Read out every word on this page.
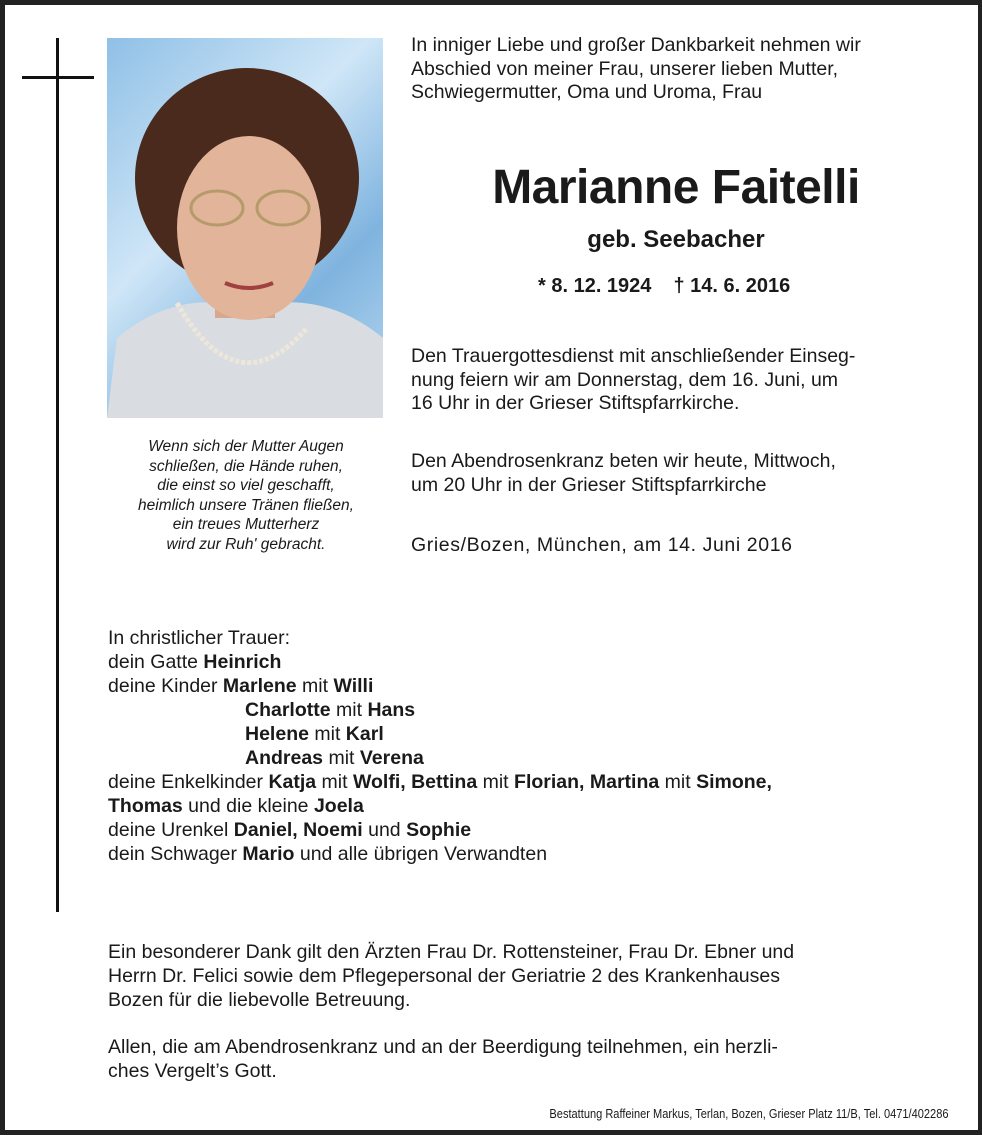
Wenn sich der Mutter Augen
schließen, die Hände ruhen,
die einst so viel geschafft,
heimlich unsere Tränen fließen,
ein treues Mutterherz
wird zur Ruh' gebracht.
In inniger Liebe und großer Dankbarkeit nehmen wir
Abschied von meiner Frau, unserer lieben Mutter,
Schwiegermutter, Oma und Uroma, Frau
Marianne Faitelli
geb. Seebacher
* 8. 12. 1924 † 14. 6. 2016
Den Trauergottesdienst mit anschließender Einseg-
nung feiern wir am Donnerstag, dem 16. Juni, um
16 Uhr in der Grieser Stiftspfarrkirche.
Den Abendrosenkranz beten wir heute, Mittwoch,
um 20 Uhr in der Grieser Stiftspfarrkirche
Gries/Bozen, München, am 14. Juni 2016
In christlicher Trauer:
dein Gatte Heinrich
deine Kinder Marlene mit Willi
Charlotte mit Hans
Helene mit Karl
Andreas mit Verena
deine Enkelkinder Katja mit Wolfi, Bettina mit Florian, Martina mit Simone,
Thomas und die kleine Joela
deine Urenkel Daniel, Noemi und Sophie
dein Schwager Mario und alle übrigen Verwandten
Ein besonderer Dank gilt den Ärzten Frau Dr. Rottensteiner, Frau Dr. Ebner und
Herrn Dr. Felici sowie dem Pflegepersonal der Geriatrie 2 des Krankenhauses
Bozen für die liebevolle Betreuung.
Allen, die am Abendrosenkranz und an der Beerdigung teilnehmen, ein herzli-
ches Vergelt’s Gott.
Bestattung Raffeiner Markus, Terlan, Bozen, Grieser Platz 11/B, Tel. 0471/402286
